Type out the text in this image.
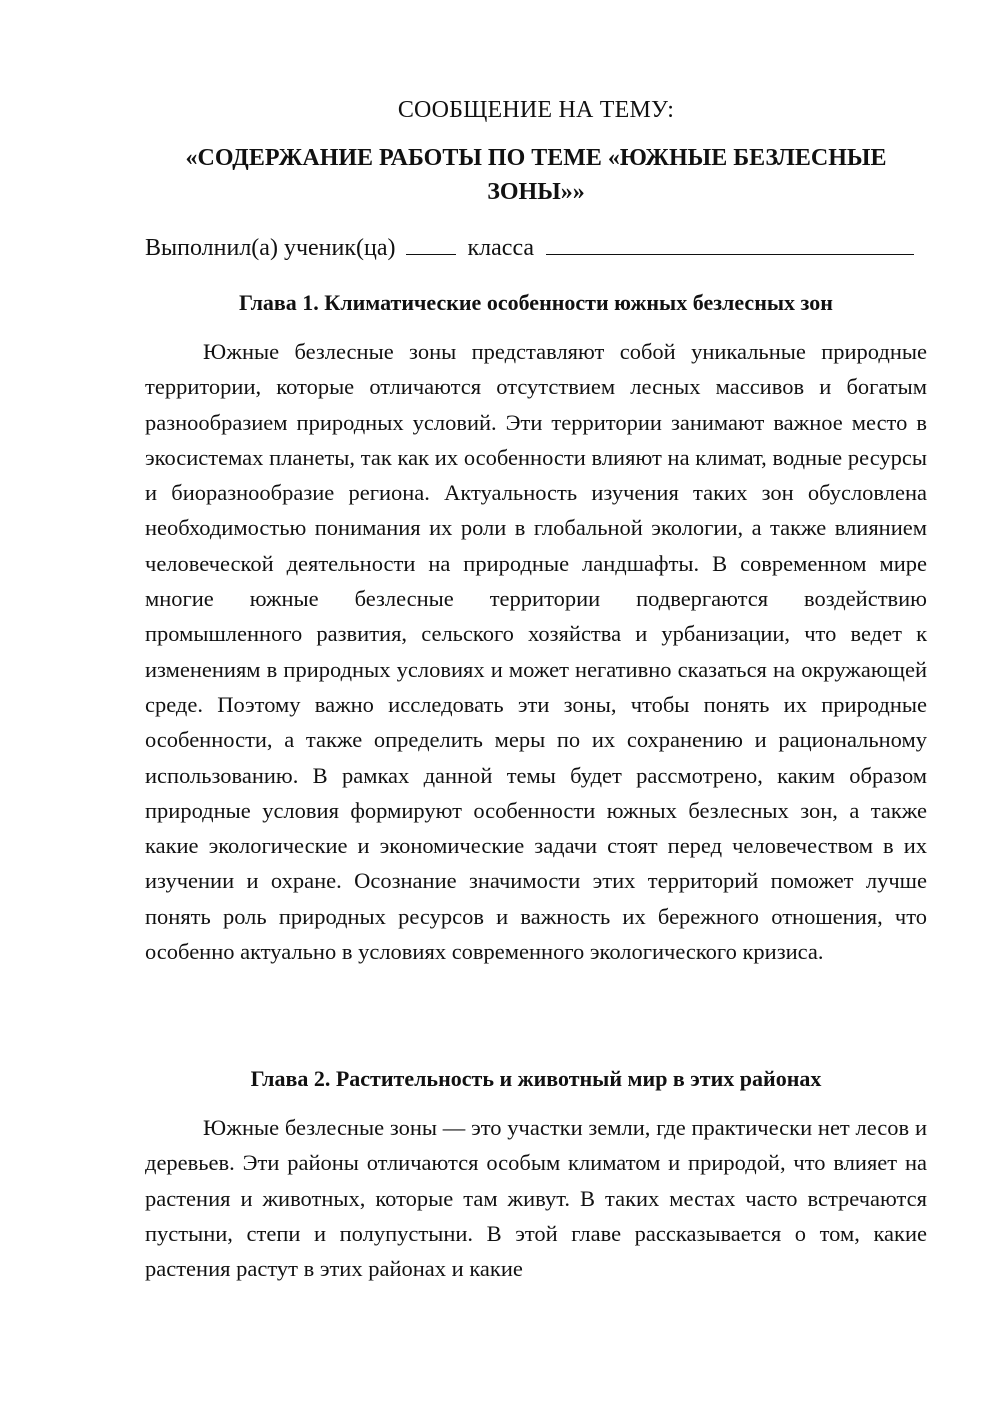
СООБЩЕНИЕ НА ТЕМУ:

«СОДЕРЖАНИЕ РАБОТЫ ПО ТЕМЕ «ЮЖНЫЕ БЕЗЛЕСНЫЕ

ЗОНЫ»»

Выполнил(а) ученик(ца)	класса
Глава 1. Климатические особенности южных безлесных зон

Южные безлесные зоны представляют собой уникальные природные территории, которые отличаются отсутствием лесных массивов и богатым разнообразием природных условий. Эти территории занимают важное место в экосистемах планеты, так как их особенности влияют на климат, водные ресурсы и биоразнообразие региона. Актуальность изучения таких зон обусловлена необходимостью понимания их роли в глобальной экологии, а также влиянием человеческой деятельности на природные ландшафты. В современном мире многие южные безлесные территории подвергаются воздействию промышленного развития, сельского хозяйства и урбанизации, что ведет к изменениям в природных условиях и может негативно сказаться на окружающей среде. Поэтому важно исследовать эти зоны, чтобы понять их природные особенности, а также определить меры по их сохранению и рациональному использованию. В рамках данной темы будет рассмотрено, каким образом природные условия формируют особенности южных безлесных зон, а также какие экологические и экономические задачи стоят перед человечеством в их изучении и охране. Осознание значимости этих территорий поможет лучше понять роль природных ресурсов и важность их бережного отношения, что особенно актуально в условиях современного экологического кризиса.

Глава 2. Растительность и животный мир в этих районах

Южные безлесные зоны — это участки земли, где практически нет лесов и деревьев. Эти районы отличаются особым климатом и природой, что влияет на растения и животных, которые там живут. В таких местах часто встречаются пустыни, степи и полупустыни. В этой главе рассказывается о том, какие растения растут в этих районах и какие
